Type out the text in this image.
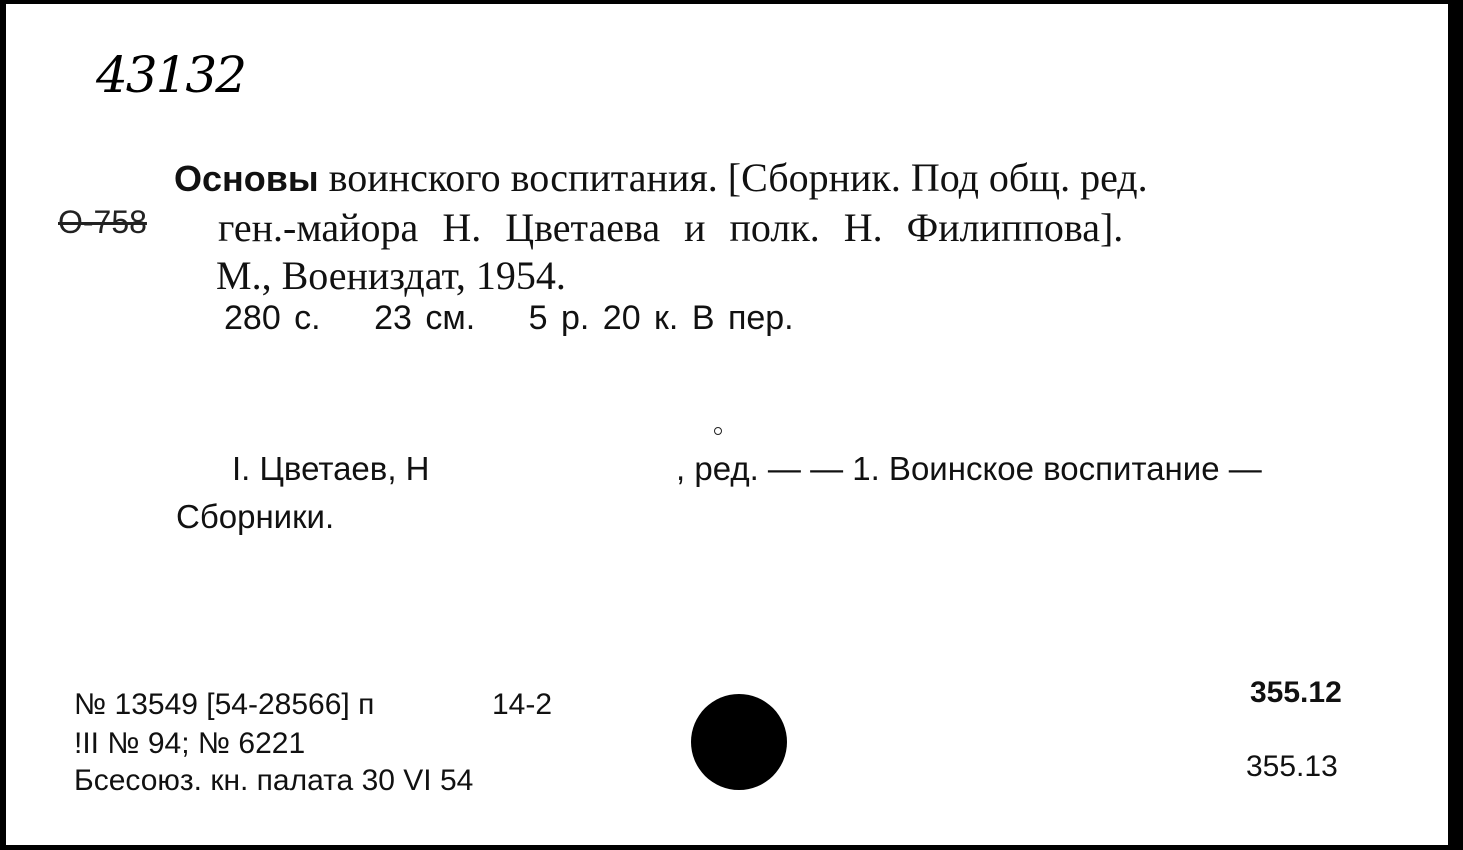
43132
О-758
Основы воинского воспитания. [Сборник. Под общ. ред.
ген.-майора Н. Цветаева и полк. Н. Филиппова].
М., Воениздат, 1954.
280 с. 23 см. 5 р. 20 к. В пер.
I. Цветаев, Н	, ред. — — 1. Воинское воспитание —
Сборники.
№ 13549 [54-28566] п	14-2
!II № 94; № 6221
Бсесоюз. кн. палата 30 VI 54
355.12
355.13
